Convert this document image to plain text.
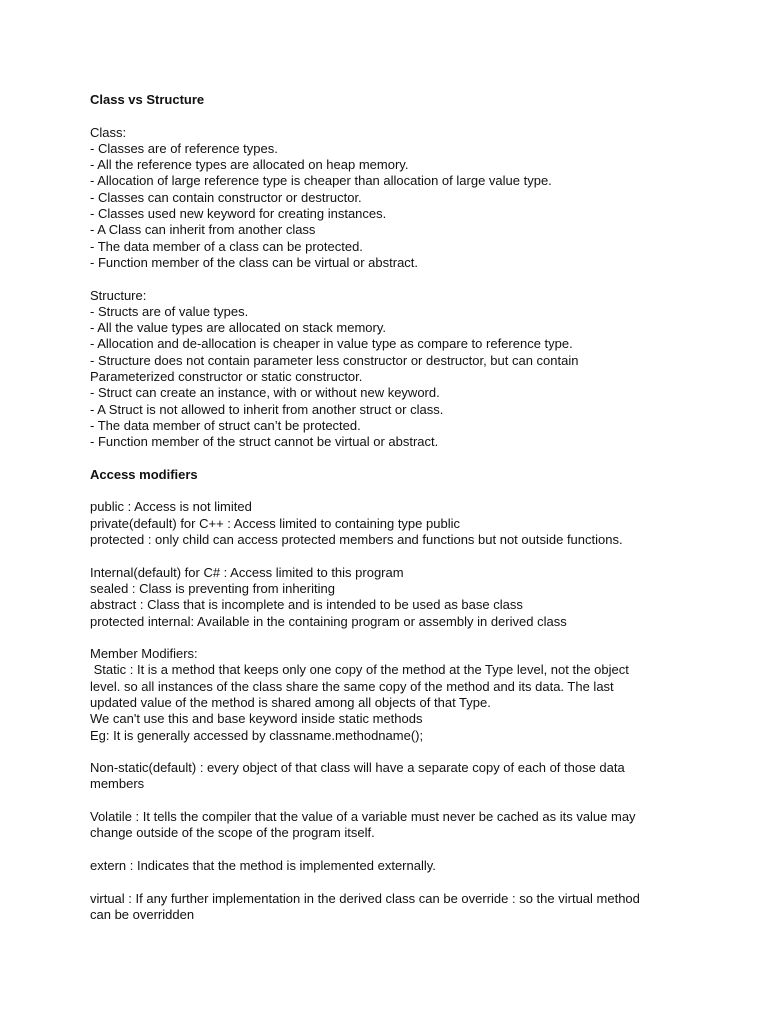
Class vs Structure
Class:
- Classes are of reference types.
- All the reference types are allocated on heap memory.
- Allocation of large reference type is cheaper than allocation of large value type.
- Classes can contain constructor or destructor.
- Classes used new keyword for creating instances.
- A Class can inherit from another class
- The data member of a class can be protected.
- Function member of the class can be virtual or abstract.
Structure:
- Structs are of value types.
- All the value types are allocated on stack memory.
- Allocation and de-allocation is cheaper in value type as compare to reference type.
- Structure does not contain parameter less constructor or destructor, but can contain
Parameterized constructor or static constructor.
- Struct can create an instance, with or without new keyword.
- A Struct is not allowed to inherit from another struct or class.
- The data member of struct can’t be protected.
- Function member of the struct cannot be virtual or abstract.
Access modifiers
public : Access is not limited
private(default) for C++ : Access limited to containing type public
protected : only child can access protected members and functions but not outside functions.
Internal(default) for C# : Access limited to this program
sealed : Class is preventing from inheriting
abstract : Class that is incomplete and is intended to be used as base class
protected internal: Available in the containing program or assembly in derived class
Member Modifiers:
Static : It is a method that keeps only one copy of the method at the Type level, not the object
level. so all instances of the class share the same copy of the method and its data. The last
updated value of the method is shared among all objects of that Type.
We can't use this and base keyword inside static methods
Eg: It is generally accessed by classname.methodname();
Non-static(default) : every object of that class will have a separate copy of each of those data
members
Volatile : It tells the compiler that the value of a variable must never be cached as its value may
change outside of the scope of the program itself.
extern : Indicates that the method is implemented externally.
virtual : If any further implementation in the derived class can be override : so the virtual method
can be overridden
